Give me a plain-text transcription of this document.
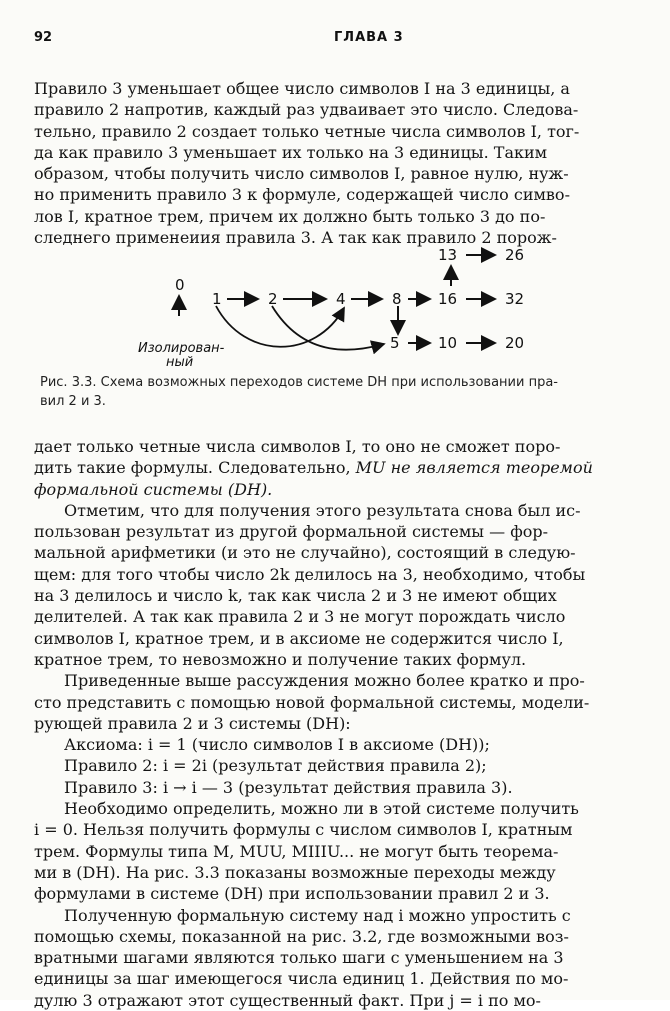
92	ГЛАВА 3

Правило 3 уменьшает общее число символов I на 3 единицы, а

правило 2 напротив, каждый раз удваивает это число. Следова-

тельно, правило 2 создает только четные числа символов I, тог-

да как правило 3 уменьшает их только на 3 единицы. Таким

образом, чтобы получить число символов I, равное нулю, нуж-

но применить правило 3 к формуле, содержащей число симво-

лов I, кратное трем, причем их должно быть только 3 до по-

следнего применеиия правила 3. А так как правило 2 порож-

0
1	2	4	8 16	32
13	26
5	10	20
Изолирован-
ный
Рис. 3.3. Схема возможных переходов системе DH при использовании пра-
вил 2 и 3.

дает только четные числа символов I, то оно не сможет поро-

дить такие формулы. Следовательно, MU не является теоремой

формальной системы (DH).

Отметим, что для получения этого результата снова был ис-

пользован результат из другой формальной системы — фор-

мальной арифметики (и это не случайно), состоящий в следую-

щем: для того чтобы число 2k делилось на 3, необходимо, чтобы

на 3 делилось и число k, так как числа 2 и 3 не имеют общих

делителей. А так как правила 2 и 3 не могут порождать число

символов I, кратное трем, и в аксиоме не содержится число I,

кратное трем, то невозможно и получение таких формул.

Приведенные выше рассуждения можно более кратко и про-

сто представить с помощью новой формальной системы, модели-

рующей правила 2 и 3 системы (DH):

Аксиома: i = 1 (число символов I в аксиоме (DH));

Правило 2: i = 2i (результат действия правила 2);

Правило 3: i → i — 3 (результат действия правила 3).

Необходимо определить, можно ли в этой системе получить

i = 0. Нельзя получить формулы с числом символов I, кратным

трем. Формулы типа M, MUU, MIIIU... не могут быть теорема-

ми в (DH). На рис. 3.3 показаны возможные переходы между

формулами в системе (DH) при использовании правил 2 и 3.

Полученную формальную систему над i можно упростить с

помощью схемы, показанной на рис. 3.2, где возможными воз-

вратными шагами являются только шаги с уменьшением на 3

единицы за шаг имеющегося числа единиц 1. Действия по мо-

дулю 3 отражают этот существенный факт. При j = i по мо-
